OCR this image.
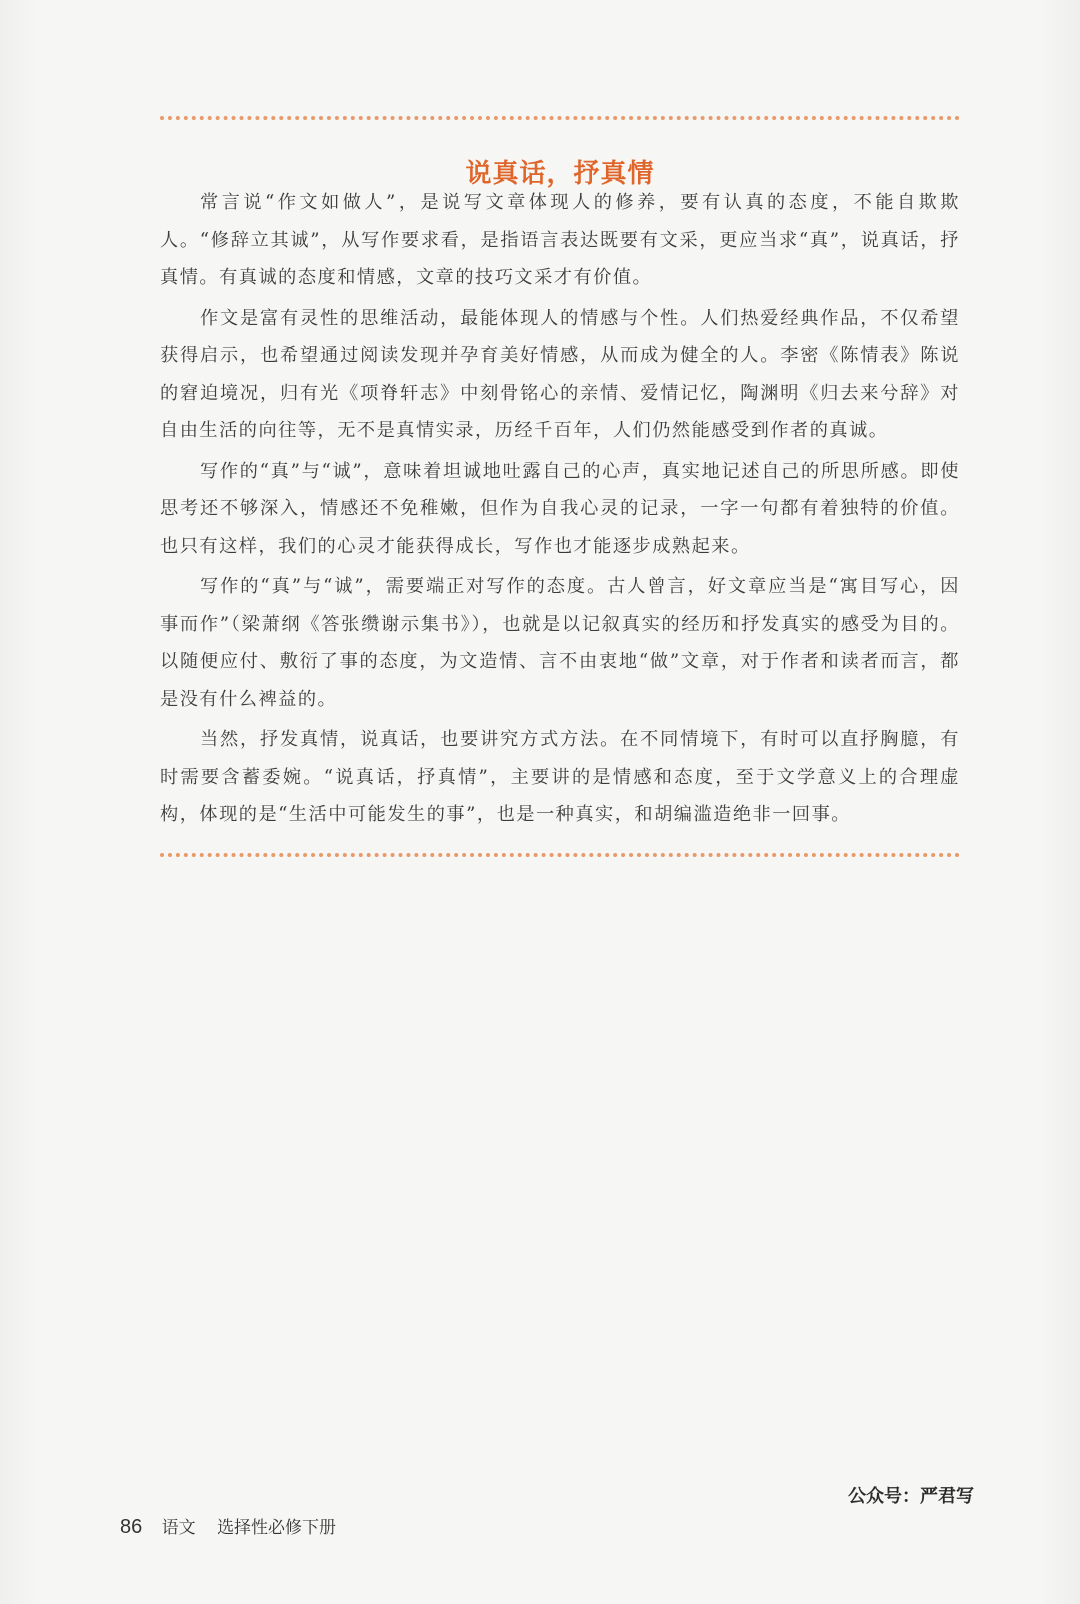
说真话，抒真情

常言说“作文如做人”，是说写文章体现人的修养，要有认真的态度，不能自欺欺人。“修辞立其诚”，从写作要求看，是指语言表达既要有文采，更应当求“真”，说真话，抒真情。有真诚的态度和情感，文章的技巧文采才有价值。

作文是富有灵性的思维活动，最能体现人的情感与个性。人们热爱经典作品，不仅希望获得启示，也希望通过阅读发现并孕育美好情感，从而成为健全的人。李密《陈情表》陈说的窘迫境况，归有光《项脊轩志》中刻骨铭心的亲情、爱情记忆，陶渊明《归去来兮辞》对自由生活的向往等，无不是真情实录，历经千百年，人们仍然能感受到作者的真诚。

写作的“真”与“诚”，意味着坦诚地吐露自己的心声，真实地记述自己的所思所感。即使思考还不够深入，情感还不免稚嫩，但作为自我心灵的记录，一字一句都有着独特的价值。也只有这样，我们的心灵才能获得成长，写作也才能逐步成熟起来。

写作的“真”与“诚”，需要端正对写作的态度。古人曾言，好文章应当是“寓目写心，因事而作”（梁萧纲《答张缵谢示集书》），也就是以记叙真实的经历和抒发真实的感受为目的。以随便应付、敷衍了事的态度，为文造情、言不由衷地“做”文章，对于作者和读者而言，都是没有什么裨益的。

当然，抒发真情，说真话，也要讲究方式方法。在不同情境下，有时可以直抒胸臆，有时需要含蓄委婉。“说真话，抒真情”，主要讲的是情感和态度，至于文学意义上的合理虚构，体现的是“生活中可能发生的事”，也是一种真实，和胡编滥造绝非一回事。

公众号：严君写
86 语文 选择性必修下册
